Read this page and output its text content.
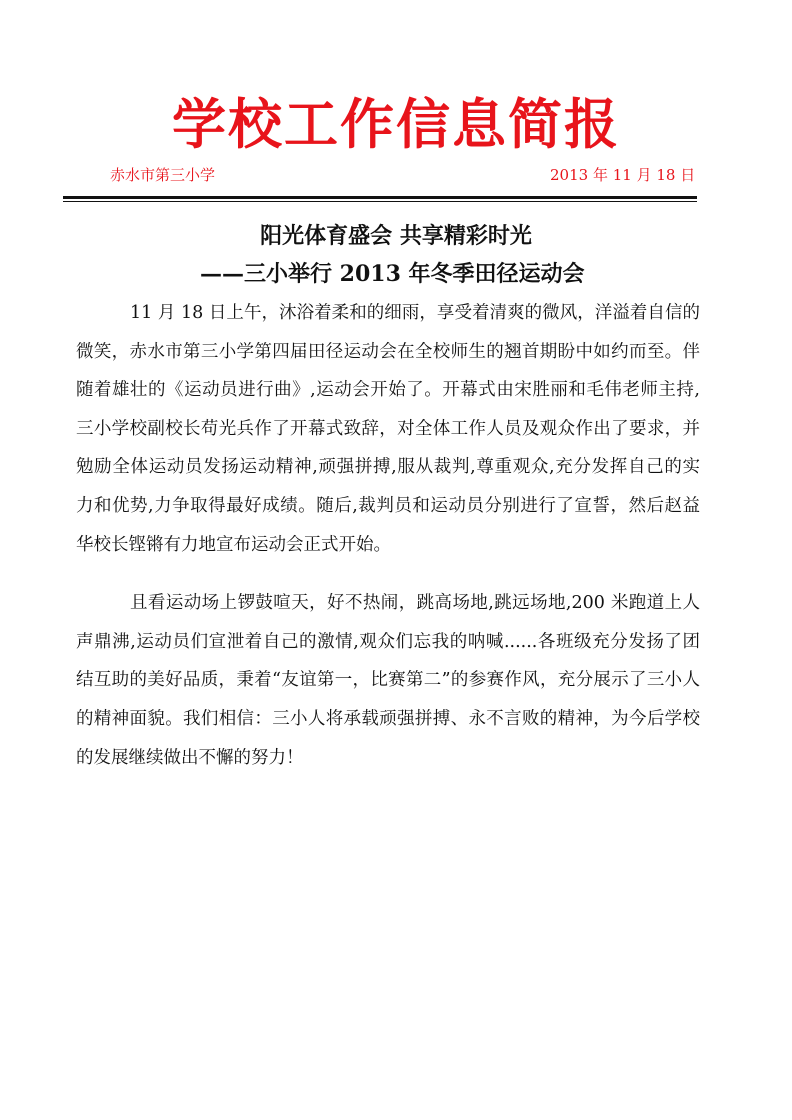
学校工作信息简报
赤水市第三小学	2013 年 11 月 18 日
阳光体育盛会 共享精彩时光
——三小举行 2013 年冬季田径运动会
11 月 18 日上午，沐浴着柔和的细雨，享受着清爽的微风，洋溢着自信的
微笑，赤水市第三小学第四届田径运动会在全校师生的翘首期盼中如约而至。伴
随着雄壮的《运动员进行曲》,运动会开始了。开幕式由宋胜丽和毛伟老师主持,
三小学校副校长苟光兵作了开幕式致辞，对全体工作人员及观众作出了要求，并
勉励全体运动员发扬运动精神,顽强拼搏,服从裁判,尊重观众,充分发挥自己的实
力和优势,力争取得最好成绩。随后,裁判员和运动员分别进行了宣誓，然后赵益
华校长铿锵有力地宣布运动会正式开始。
且看运动场上锣鼓喧天，好不热闹，跳高场地,跳远场地,200 米跑道上人
声鼎沸,运动员们宣泄着自己的激情,观众们忘我的呐喊......各班级充分发扬了团
结互助的美好品质，秉着“友谊第一，比赛第二”的参赛作风，充分展示了三小人
的精神面貌。我们相信：三小人将承载顽强拼搏、永不言败的精神，为今后学校
的发展继续做出不懈的努力！
